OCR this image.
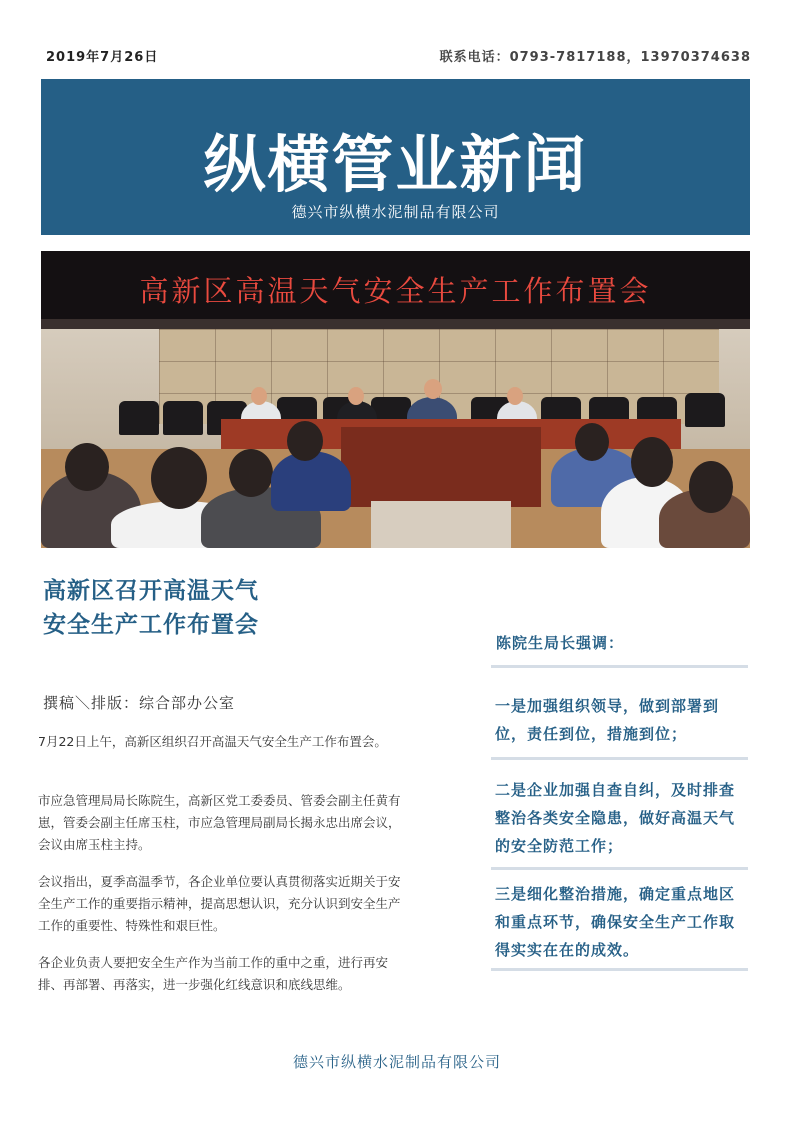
2019年7月26日	联系电话：0793-7817188，13970374638
纵横管业新闻
德兴市纵横水泥制品有限公司
高新区高温天气安全生产工作布置会
高新区召开高温天气
安全生产工作布置会
撰稿＼排版：综合部办公室
7月22日上午，高新区组织召开高温天气安全生产工作布置会。
市应急管理局局长陈院生，高新区党工委委员、管委会副主任黄有崽，管委会副主任席玉柱，市应急管理局副局长揭永忠出席会议，会议由席玉柱主持。
会议指出，夏季高温季节，各企业单位要认真贯彻落实近期关于安全生产工作的重要指示精神，提高思想认识，充分认识到安全生产工作的重要性、特殊性和艰巨性。
各企业负责人要把安全生产作为当前工作的重中之重，进行再安排、再部署、再落实，进一步强化红线意识和底线思维。
陈院生局长强调：
一是加强组织领导，做到部署到位，责任到位，措施到位；
二是企业加强自查自纠，及时排查整治各类安全隐患，做好高温天气的安全防范工作；
三是细化整治措施，确定重点地区和重点环节，确保安全生产工作取得实实在在的成效。
德兴市纵横水泥制品有限公司
